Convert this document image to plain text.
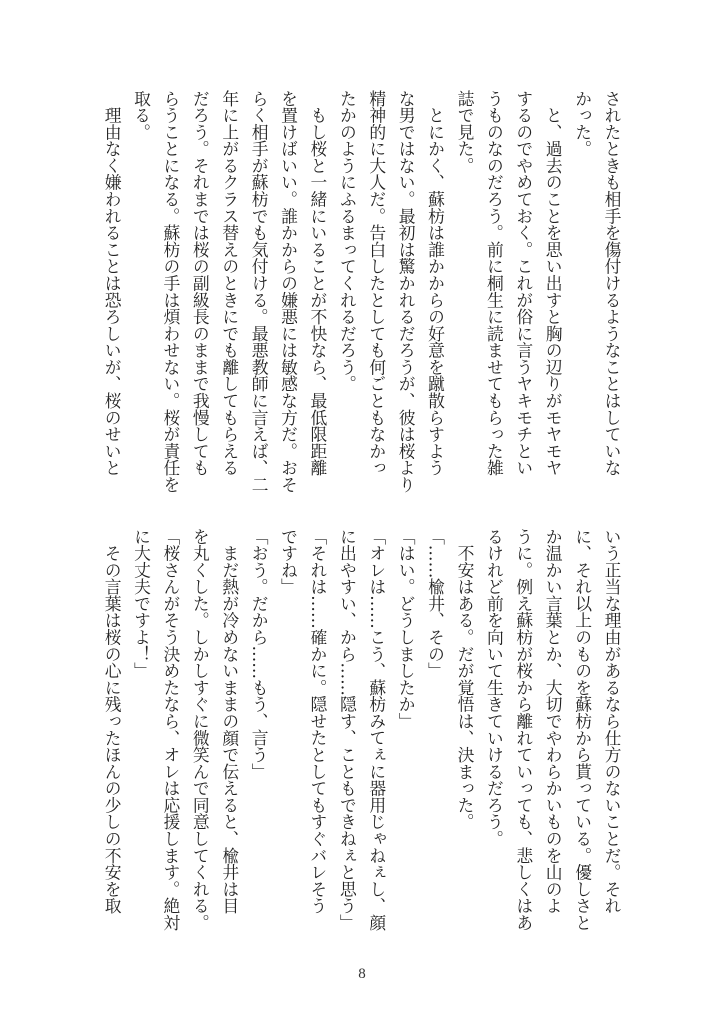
されたときも相手を傷付けるようなことはしていな
かった。
　と、過去のことを思い出すと胸の辺りがモヤモヤ
するのでやめておく。これが俗に言うヤキモチとい
うものなのだろう。前に桐生に読ませてもらった雑
誌で見た。
　とにかく、蘇枋は誰かからの好意を蹴散らすよう
な男ではない。最初は驚かれるだろうが、彼は桜より
精神的に大人だ。告白したとしても何ごともなかっ
たかのようにふるまってくれるだろう。
　もし桜と一緒にいることが不快なら、最低限距離
を置けばいい。誰かからの嫌悪には敏感な方だ。おそ
らく相手が蘇枋でも気付ける。最悪教師に言えば、二
年に上がるクラス替えのときにでも離してもらえる
だろう。それまでは桜の副級長のままで我慢しても
らうことになる。蘇枋の手は煩わせない。桜が責任を
取る。
　理由なく嫌われることは恐ろしいが、桜のせいと
いう正当な理由があるなら仕方のないことだ。それ
に、それ以上のものを蘇枋から貰っている。優しさと
か温かい言葉とか、大切でやわらかいものを山のよ
うに。例え蘇枋が桜から離れていっても、悲しくはあ
るけれど前を向いて生きていけるだろう。
　不安はある。だが覚悟は、決まった。
「……楡井、その」
「はい。どうしましたか」
「オレは……こう、蘇枋みてぇに器用じゃねぇし、顔
に出やすい、から……隠す、こともできねぇと思う」
「それは……確かに。隠せたとしてもすぐバレそう
ですね」
「おう。だから……もう、言う」
　まだ熱が冷めないままの顔で伝えると、楡井は目
を丸くした。しかしすぐに微笑んで同意してくれる。
「桜さんがそう決めたなら、オレは応援します。絶対
に大丈夫ですよ！」
　その言葉は桜の心に残ったほんの少しの不安を取
8
